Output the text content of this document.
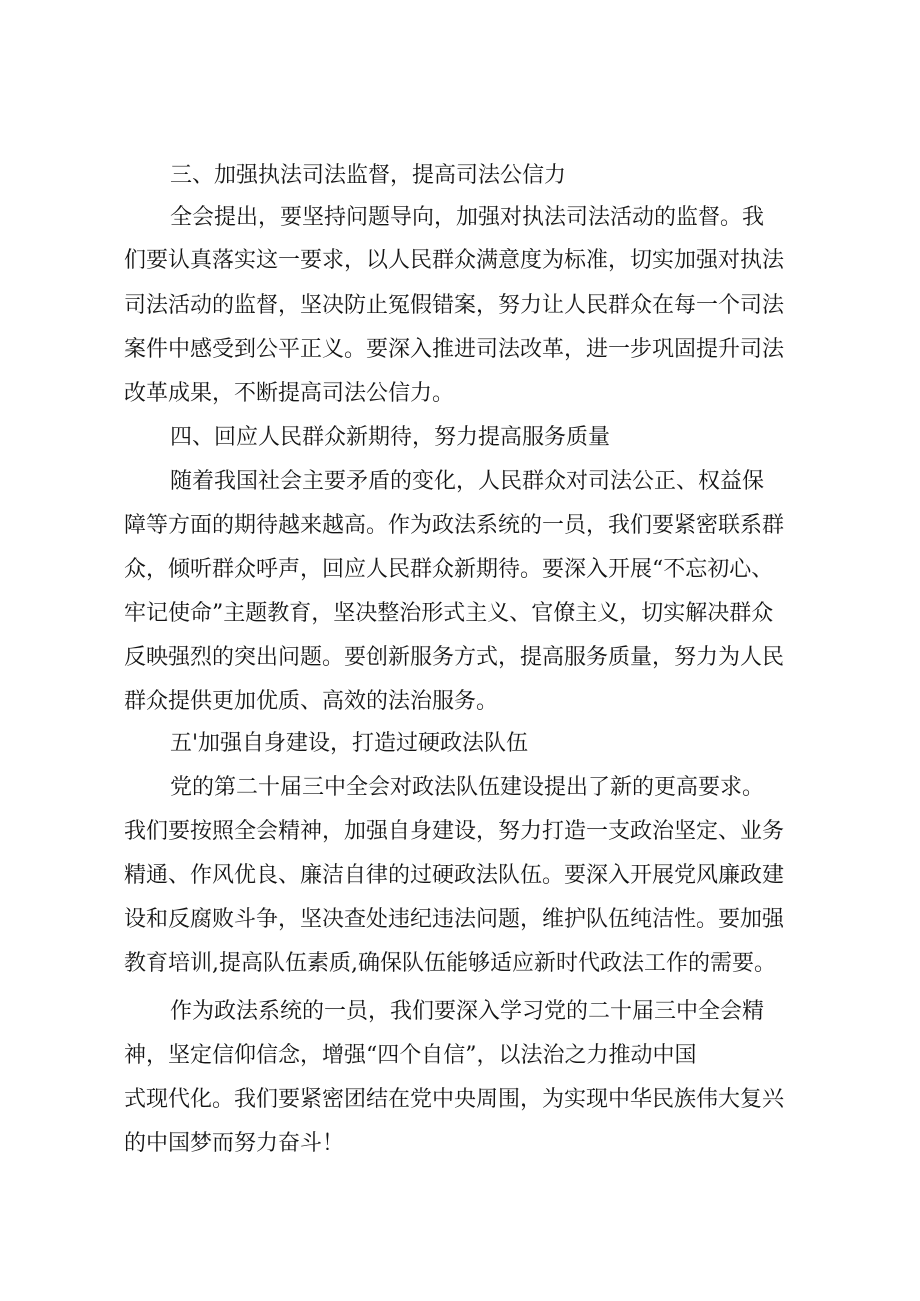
三、加强执法司法监督，提高司法公信力
全会提出，要坚持问题导向，加强对执法司法活动的监督。我
们要认真落实这一要求，以人民群众满意度为标准，切实加强对执法
司法活动的监督，坚决防止冤假错案，努力让人民群众在每一个司法
案件中感受到公平正义。要深入推进司法改革，进一步巩固提升司法
改革成果，不断提高司法公信力。
四、回应人民群众新期待，努力提高服务质量
随着我国社会主要矛盾的变化，人民群众对司法公正、权益保
障等方面的期待越来越高。作为政法系统的一员，我们要紧密联系群
众，倾听群众呼声，回应人民群众新期待。要深入开展“不忘初心、
牢记使命”主题教育，坚决整治形式主义、官僚主义，切实解决群众
反映强烈的突出问题。要创新服务方式，提高服务质量，努力为人民
群众提供更加优质、高效的法治服务。
五'加强自身建设，打造过硬政法队伍
党的第二十届三中全会对政法队伍建设提出了新的更高要求。
我们要按照全会精神，加强自身建设，努力打造一支政治坚定、业务
精通、作风优良、廉洁自律的过硬政法队伍。要深入开展党风廉政建
设和反腐败斗争，坚决查处违纪违法问题，维护队伍纯洁性。要加强
教育培训,提高队伍素质,确保队伍能够适应新时代政法工作的需要。
作为政法系统的一员，我们要深入学习党的二十届三中全会精
神，坚定信仰信念，增强“四个自信”，以法治之力推动中国
式现代化。我们要紧密团结在党中央周围，为实现中华民族伟大复兴
的中国梦而努力奋斗！
